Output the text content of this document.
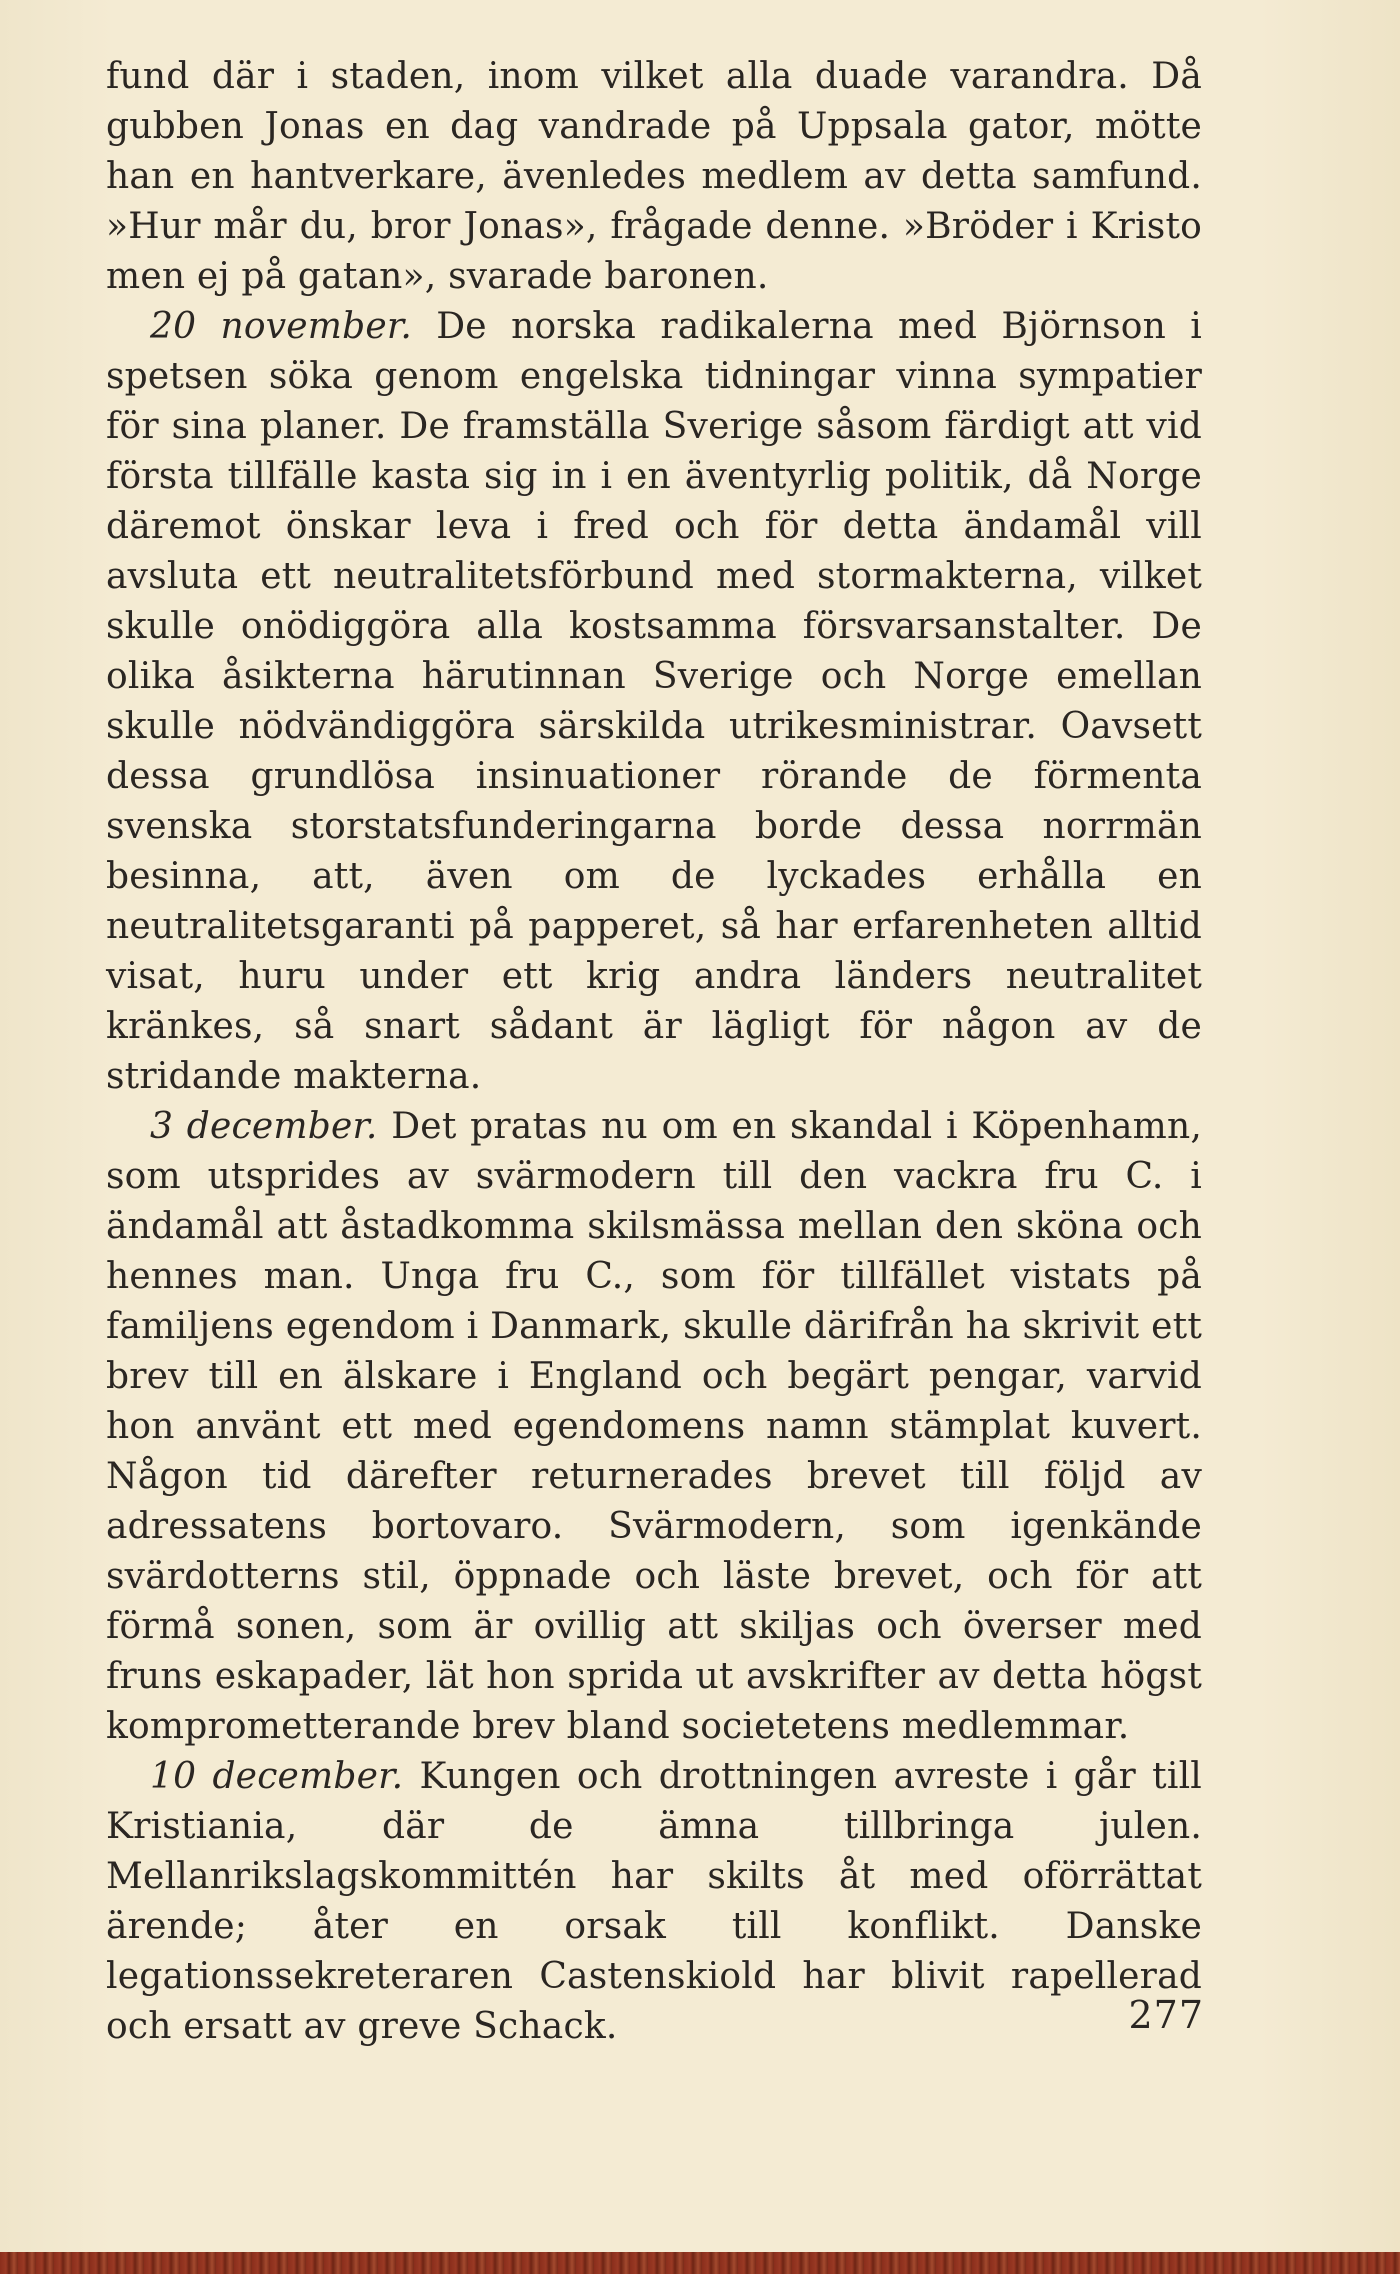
fund där i staden, inom vilket alla duade varandra. Då gubben Jonas en dag vandrade på Uppsala gator, mötte han en hantverkare, ävenledes medlem av detta samfund. »Hur mår du, bror Jonas», frågade denne. »Bröder i Kristo men ej på gatan», svarade baronen.

20 november. De norska radikalerna med Björnson i spetsen söka genom engelska tidningar vinna sympatier för sina planer. De framställa Sverige såsom färdigt att vid första tillfälle kasta sig in i en äventyrlig politik, då Norge däremot önskar leva i fred och för detta ändamål vill avsluta ett neutralitetsförbund med stormakterna, vilket skulle onödiggöra alla kostsamma försvarsanstalter. De olika åsikterna härutinnan Sverige och Norge emellan skulle nödvändiggöra särskilda utrikesministrar. Oavsett dessa grundlösa insinuationer rörande de förmenta svenska storstatsfunderingarna borde dessa norrmän besinna, att, även om de lyckades erhålla en neutralitetsgaranti på papperet, så har erfarenheten alltid visat, huru under ett krig andra länders neutralitet kränkes, så snart sådant är lägligt för någon av de stridande makterna.

3 december. Det pratas nu om en skandal i Köpenhamn, som utsprides av svärmodern till den vackra fru C. i ändamål att åstadkomma skilsmässa mellan den sköna och hennes man. Unga fru C., som för tillfället vistats på familjens egendom i Danmark, skulle därifrån ha skrivit ett brev till en älskare i England och begärt pengar, varvid hon använt ett med egendomens namn stämplat kuvert. Någon tid därefter returnerades brevet till följd av adressatens bortovaro. Svärmodern, som igenkände svärdotterns stil, öppnade och läste brevet, och för att förmå sonen, som är ovillig att skiljas och överser med fruns eskapader, lät hon sprida ut avskrifter av detta högst komprometterande brev bland societetens medlemmar.

10 december. Kungen och drottningen avreste i går till Kristiania, där de ämna tillbringa julen. Mellanrikslagskommittén har skilts åt med oförrättat ärende; åter en orsak till konflikt. Danske legationssekreteraren Castenskiold har blivit rapellerad och ersatt av greve Schack.	277
